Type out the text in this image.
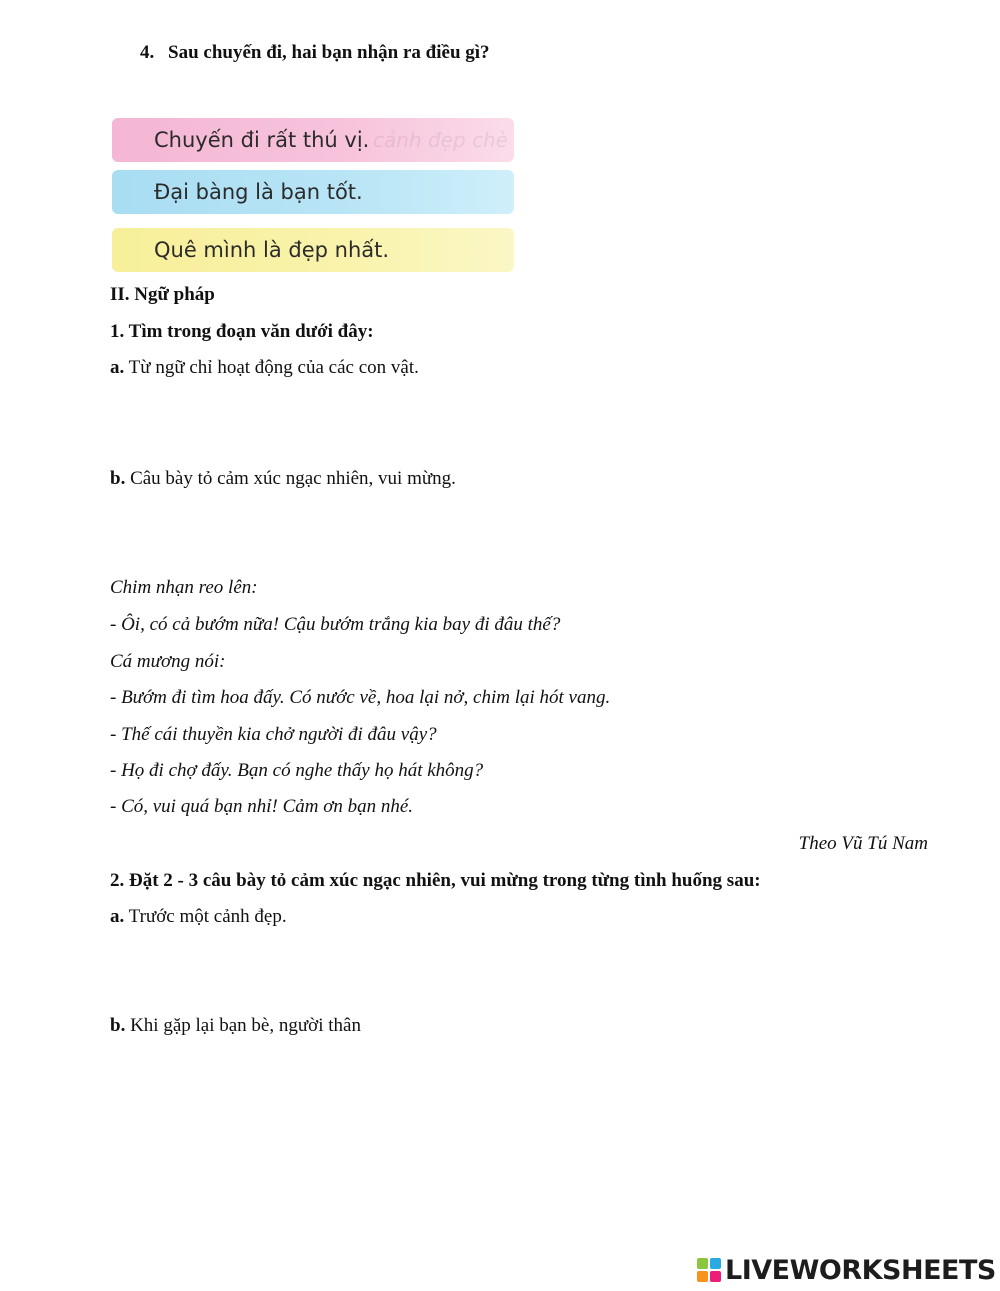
4. Sau chuyến đi, hai bạn nhận ra điều gì?
Chuyến đi rất thú vị. cảnh đẹp chè
Đại bàng là bạn tốt.
Quê mình là đẹp nhất.
II. Ngữ pháp
1. Tìm trong đoạn văn dưới đây:
a. Từ ngữ chỉ hoạt động của các con vật.
b. Câu bày tỏ cảm xúc ngạc nhiên, vui mừng.
Chim nhạn reo lên:
- Ôi, có cả bướm nữa! Cậu bướm trắng kia bay đi đâu thế?
Cá mương nói:
- Bướm đi tìm hoa đấy. Có nước về, hoa lại nở, chim lại hót vang.
- Thế cái thuyền kia chở người đi đâu vậy?
- Họ đi chợ đấy. Bạn có nghe thấy họ hát không?
- Có, vui quá bạn nhỉ! Cảm ơn bạn nhé.
Theo Vũ Tú Nam
2. Đặt 2 - 3 câu bày tỏ cảm xúc ngạc nhiên, vui mừng trong từng tình huống sau:
a. Trước một cảnh đẹp.
b. Khi gặp lại bạn bè, người thân
LIVEWORKSHEETS
